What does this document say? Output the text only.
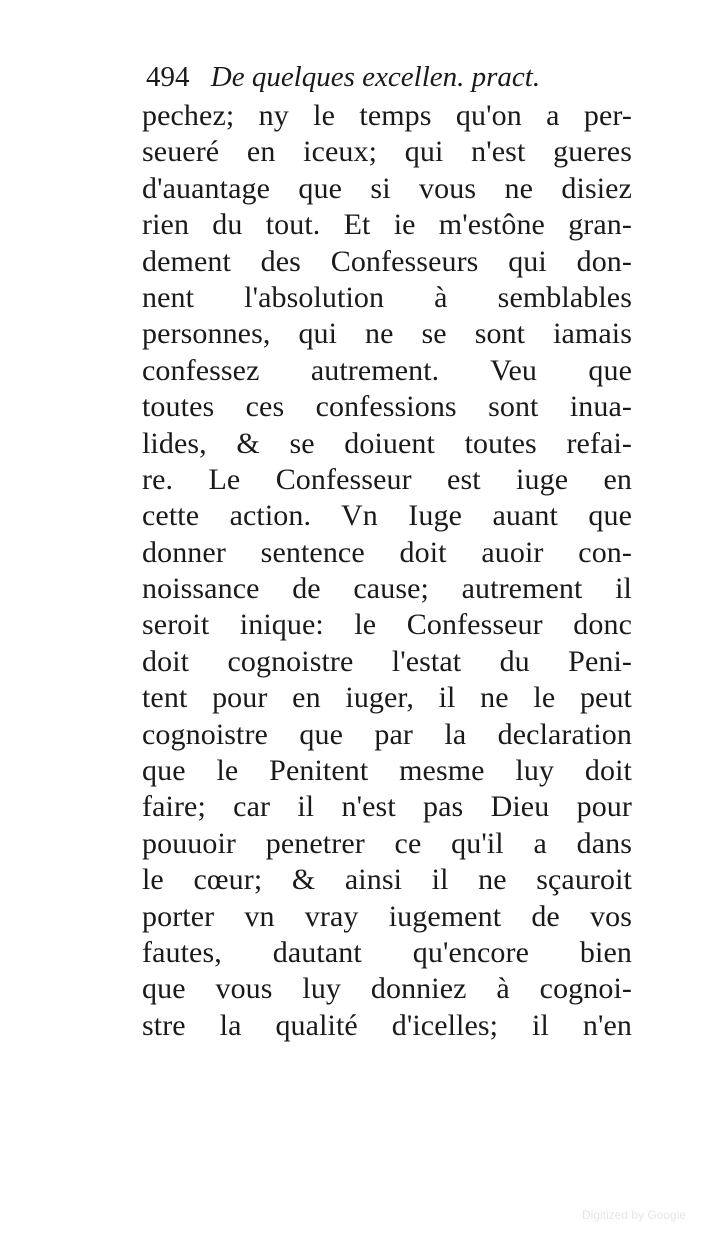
494 De quelques excellen. pract.
pechez; ny le temps qu'on a per-
seueré en iceux; qui n'est gueres
d'auantage que si vous ne disiez
rien du tout. Et ie m'estône gran-
dement des Confesseurs qui don-
nent l'absolution à semblables
personnes, qui ne se sont iamais
confessez autrement. Veu que
toutes ces confessions sont inua-
lides, & se doiuent toutes refai-
re. Le Confesseur est iuge en
cette action. Vn Iuge auant que
donner sentence doit auoir con-
noissance de cause; autrement il
seroit inique: le Confesseur donc
doit cognoistre l'estat du Peni-
tent pour en iuger, il ne le peut
cognoistre que par la declaration
que le Penitent mesme luy doit
faire; car il n'est pas Dieu pour
pouuoir penetrer ce qu'il a dans
le cœur; & ainsi il ne sçauroit
porter vn vray iugement de vos
fautes, dautant qu'encore bien
que vous luy donniez à cognoi-
stre la qualité d'icelles; il n'en
Digitized by Google
